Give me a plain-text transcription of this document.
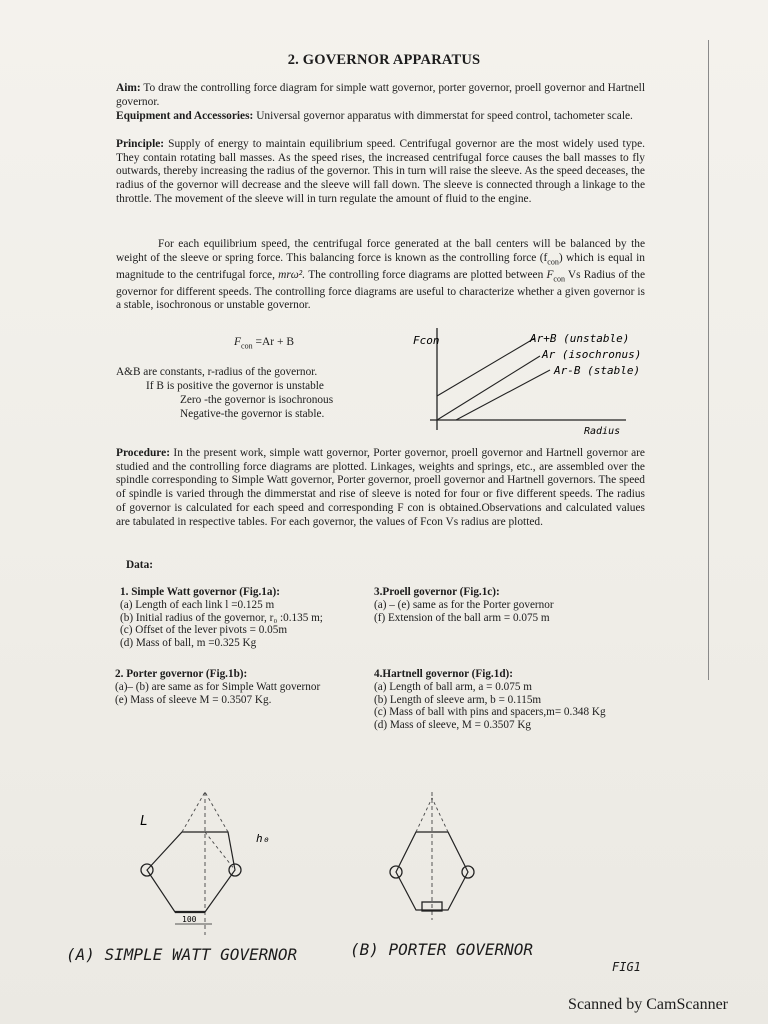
2. GOVERNOR APPARATUS
Aim: To draw the controlling force diagram for simple watt governor, porter governor, proell governor and Hartnell governor.
Equipment and Accessories: Universal governor apparatus with dimmerstat for speed control, tachometer scale.
Principle: Supply of energy to maintain equilibrium speed. Centrifugal governor are the most widely used type. They contain rotating ball masses. As the speed rises, the increased centrifugal force causes the ball masses to fly outwards, thereby increasing the radius of the governor. This in turn will raise the sleeve. As the speed deceases, the radius of the governor will decrease and the sleeve will fall down. The sleeve is connected through a linkage to the throttle. The movement of the sleeve will in turn regulate the amount of fluid to the engine.
For each equilibrium speed, the centrifugal force generated at the ball centers will be balanced by the weight of the sleeve or spring force. This balancing force is known as the controlling force $(f_{con})$ which is equal in magnitude to the centrifugal force, mrω². The controlling force diagrams are plotted between $F_{con}$ Vs Radius of the governor for different speeds. The controlling force diagrams are useful to characterize whether a given governor is a stable, isochronous or unstable governor.
$F_{con} =Ar + B$
A&B are constants, r-radius of the governor.
If B is positive the governor is unstable
Zero -the governor is isochronous
Negative-the governor is stable.
Fcon	Ar+B (unstable)
Ar (isochronus)
Ar-B (stable)
Radius
Procedure: In the present work, simple watt governor, Porter governor, proell governor and Hartnell governor are studied and the controlling force diagrams are plotted. Linkages, weights and springs, etc., are assembled over the spindle corresponding to Simple Watt governor, Porter governor, proell governor and Hartnell governors. The speed of spindle is varied through the dimmerstat and rise of sleeve is noted for four or five different speeds. The radius of governor is calculated for each speed and corresponding F con is obtained.Observations and calculated values are tabulated in respective tables. For each governor, the values of Fcon Vs radius are plotted.
Data:
1. Simple Watt governor (Fig.1a):
(a) Length of each link l =0.125 m
(b) Initial radius of the governor, r₀ :0.135 m;
(c) Offset of the lever pivots = 0.05m
(d) Mass of ball, m =0.325 Kg
3.Proell governor (Fig.1c):
(a) – (e) same as for the Porter governor
(f) Extension of the ball arm = 0.075 m
2. Porter governor (Fig.1b):
(a)– (b) are same as for Simple Watt governor
(e) Mass of sleeve M = 0.3507 Kg.
4.Hartnell governor (Fig.1d):
(a) Length of ball arm, a = 0.075 m
(b) Length of sleeve arm, b = 0.115m
(c) Mass of ball with pins and spacers,m= 0.348 Kg
(d) Mass of sleeve, M = 0.3507 Kg
L
h₀
100
(A) SIMPLE WATT GOVERNOR	(B) PORTER GOVERNOR
FIG1
Scanned by CamScanner
